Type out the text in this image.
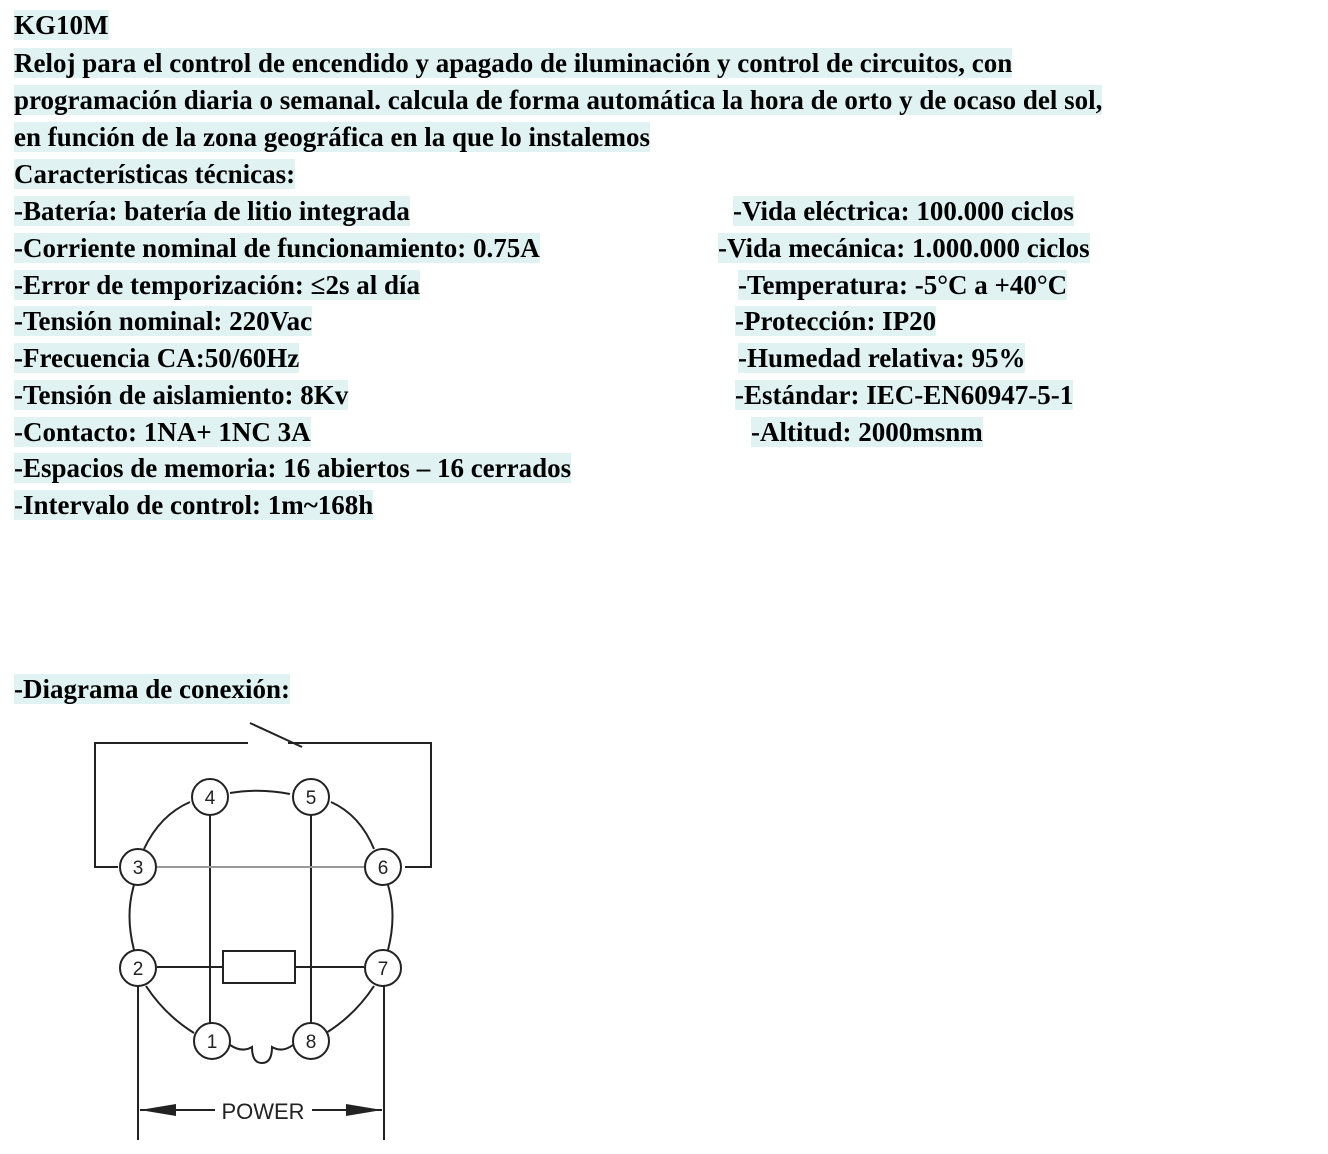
KG10M
Reloj para el control de encendido y apagado de iluminación y control de circuitos, con
programación diaria o semanal. calcula de forma automática la hora de orto y de ocaso del sol,
en función de la zona geográfica en la que lo instalemos
Características técnicas:
-Batería: batería de litio integrada
-Corriente nominal de funcionamiento: 0.75A
-Error de temporización: ≤2s al día
-Tensión nominal: 220Vac
-Frecuencia CA:50/60Hz
-Tensión de aislamiento: 8Kv
-Contacto: 1NA+ 1NC 3A
-Espacios de memoria: 16 abiertos – 16 cerrados
-Intervalo de control: 1m~168h
-Vida eléctrica: 100.000 ciclos
-Vida mecánica: 1.000.000 ciclos
-Temperatura: -5°C a +40°C
-Protección: IP20
-Humedad relativa: 95%
-Estándar: IEC-EN60947-5-1
-Altitud: 2000msnm
-Diagrama de conexión:
1
2
3
4	5
6
7
8
POWER
